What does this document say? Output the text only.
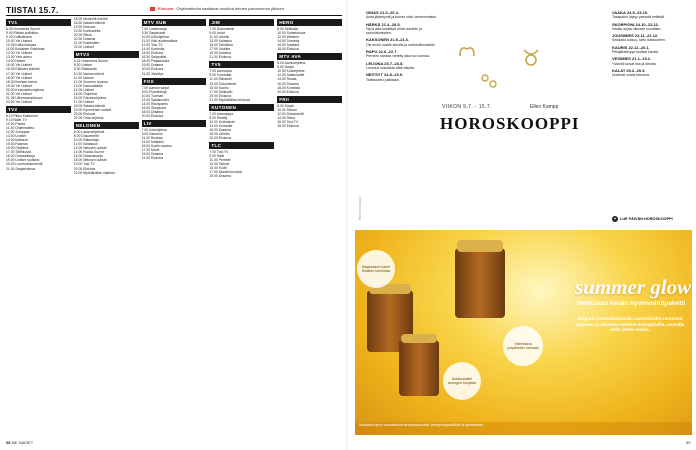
TIISTAI 15.7.	Elokuva Ohjelmatiedot saattavat muuttua lehden painomenon jälkeen.
TV1

6.00 Huomenta Suomi

9.00 Päivän politiikka

9.20 Kotikatsomo

10.00 Yle Uutiset

10.05 Kaikki kasvaa

11.00 Kultainen Ravintola

12.00 Yle Uutiset

13.00 Ylen aamu

14.00 Naiset

15.00 Yle Uutiset

16.05 Elämäni eläimet

17.00 Yle Uutiset

18.00 Yle Uutiset

18.30 Ihmisen tarina

19.30 Yle Uutiset

20.00 Keskusteluohjelma

21.00 Yle Uutiset

21.05 Ulkomaanelokuva

23.00 Yle Uutiset

TV2

6.10 Pikku Kakkonen

9.10 Nalle-TV

10.00 Pisara

11.30 Ohjelmatieto

12.00 Jumppaa

13.00 Uutiset

14.00 Ikäkausi

15.00 Rasmus

16.00 Ohjelma

17.00 Tähtikuvat

18.00 Ostosalkkuja

19.00 Uutiset ruotsiksi

20.00 Luontodokumentti

21.00 Sarjaelokuva

18.00 Modernit miehet

18.30 Salatut elämät

19.00 Elokuva

19.30 Korkkareita

20.00 Rikos

20.30 Draama

21.00 Kotiteatteri

22.00 Uutiset

MTV3

6.15 Huomenta Suomi

8.00 Uutiset

9.30 Rakkautta

10.20 Marian elämä

11.00 Uutiset

12.00 Suomen huomio

13.00 Kaukosäädin

14.00 Uutiset

15.00 Ohjelmat

16.00 Palveluohjelma

17.00 Uutiset

18.00 Salatut elämät

19.00 Kymmenen uutiset

20.00 Elokuva

21.00 Oma ohjelma

NELONEN

6.00 Lastenohjelmat

8.00 Dokumentti

10.00 Rakentaja

11.00 Salaisuus

12.00 Nelosen uutiset

14.00 Ruoka-Suomi

16.00 Draamasarja

18.00 Nelosen uutiset

19.00 Tosi-TV

20.00 Elokuva

22.00 Myöhäisillan ohjelma

MTV SUB

7.00 Lastensarja

8.30 Sarjakuvat

10.00 Kotiohjelma

11.00 Viisi vuodenaikaa

12.30 Tosi-TV

14.00 Komedia

15.00 Elokuva

16.30 Salapoliisi

18.00 Paljastuksia

19.00 Draama

20.00 Elokuva

21.30 Jännitys

FOX

7.00 Aamun sarjat

8.00 Puhelinlinja

10.00 Tuomari

12.00 Salaisuudet

14.00 Rikospartio

16.00 Simpsonit

18.00 Draama

20.00 Elokuva

LIV

7.00 Kotiohjelma

9.00 Kauneus

11.00 Ruokaa

13.00 Matkailu

15.00 Kodin muutos

17.00 Muoti

19.00 Draama

21.00 Elokuva

JIM

7.00 Dokumentti

9.00 Autot

11.00 Urheilu

13.00 Kalastus

15.00 Tekniikka

17.00 Vauhtia

19.00 Autoilua

21.00 Elokuva

TV5

7.00 Aamuvisa

9.00 Komediat

11.00 Rikokset

13.00 Dokumentit

15.00 Kauhu

17.00 Seikkailu

19.00 Elokuva

21.00 Myöhäisillan elokuva

KUTONEN

7.00 Aamusarja

9.00 Reality

12.00 Kotimaiset

14.00 Komedia

16.00 Draama

18.00 Urheilu

20.00 Elokuva

TLC

7.00 Tosi-TV

9.00 Häät

11.00 Perheet

13.00 Tarinat

15.00 Kodit

17.00 Muodonmuutos

19.00 Draama

HERO

8.00 Seikkailu

10.00 Sotaelokuva

12.00 Western

14.00 Toiminta

16.00 Sankarit

18.00 Elokuva

MTV AVA

6.00 Aamuohjelma

8.00 Sarjat

10.00 Kotiohjelma

12.00 Salaisuudet

14.00 Ruoka

16.00 Draama

18.00 Komedia

20.00 Elokuva

FRII

8.00 Sarjat

10.00 Sitcom

12.00 Dokumentti

14.00 Rikos

16.00 Tosi-TV

18.00 Elokuva

58 ME NAISET
Horoskooppi
OINAS 21.3.-20.4.

Asiat järjestyvät ja tunnet olosi varmemmaksi.

HÄRKÄ 21.4.-20.5.

Hyvä aika keskittyä omiin asioihin ja rauhoittumiseen.

KAKSONEN 21.5.-21.6.

Ole avoin uusille ideoille ja mahdollisuuksille.

RAPU 22.6.-22.7.

Perheen kanssa vietetty aika tuo voimaa.

LEIJONA 23.7.-23.8.

Luovuus kukoistaa tällä viikolla.

NEITSYT 24.8.-23.9.

Tarkkuutesi palkitaan.

VAAKA 24.9.-23.10.

Tasapaino löytyy pienistä hetkistä.

SKORPIONI 24.10.-22.11.

Intuitio ohjaa oikeaan suuntaan.

JOUSIMIES 23.11.-21.12.

Seikkailu kutsuu, tartu tilaisuuteen.

KAURIS 22.12.-20.1.

Pitkäjänteisyys tuottaa tulosta.

VESIMIES 21.1.-19.2.

Ystävät tuovat iloa ja ideoita.

KALAT 20.2.-20.3.

Unelmat voivat toteutua.

VIIKON 9.7. - 15.7.	Ellen Kampp
HOROSKOOPPI
✦ LUE PÄIVÄN HOROSKOOPPI
Magnesium tukee lihasten toimintaa
Valeriaana ympäristön rauhaan
Astaksantiini auringon suojaksi
summer glow
Hehkuvan kesän hyvinvointipaketti
Solgarin korkealaatuisilla ravintolisillä varmistat sisäisen ja ulkoisen hehkun lomapäivillä, rannalla sekä unten mailla.
Saatavilla hyvin varustetuista terveyskaupoista, terveysmyymälöistä ja apteekeista.
59
